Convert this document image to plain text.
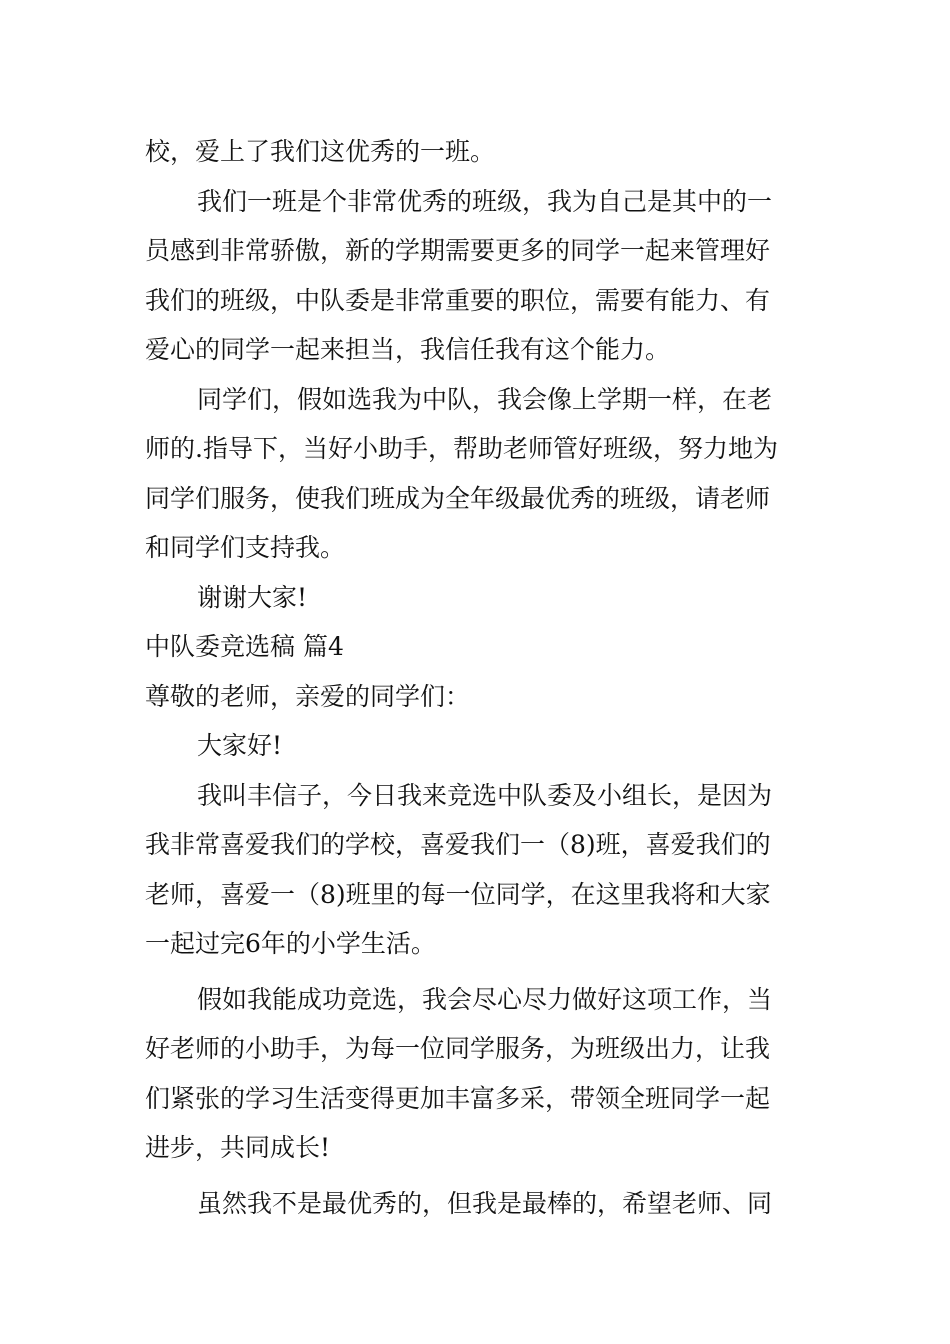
校，爱上了我们这优秀的一班。
我们一班是个非常优秀的班级，我为自己是其中的一
员感到非常骄傲，新的学期需要更多的同学一起来管理好
我们的班级，中队委是非常重要的职位，需要有能力、有
爱心的同学一起来担当，我信任我有这个能力。
同学们，假如选我为中队，我会像上学期一样，在老
师的.指导下，当好小助手，帮助老师管好班级，努力地为
同学们服务，使我们班成为全年级最优秀的班级，请老师
和同学们支持我。
谢谢大家!
中队委竞选稿 篇4
尊敬的老师，亲爱的同学们：
大家好!
我叫丰信子，今日我来竞选中队委及小组长，是因为
我非常喜爱我们的学校，喜爱我们一（8)班，喜爱我们的
老师，喜爱一（8)班里的每一位同学，在这里我将和大家
一起过完6年的小学生活。
假如我能成功竞选，我会尽心尽力做好这项工作，当
好老师的小助手，为每一位同学服务，为班级出力，让我
们紧张的学习生活变得更加丰富多采，带领全班同学一起
进步，共同成长!
虽然我不是最优秀的，但我是最棒的，希望老师、同
